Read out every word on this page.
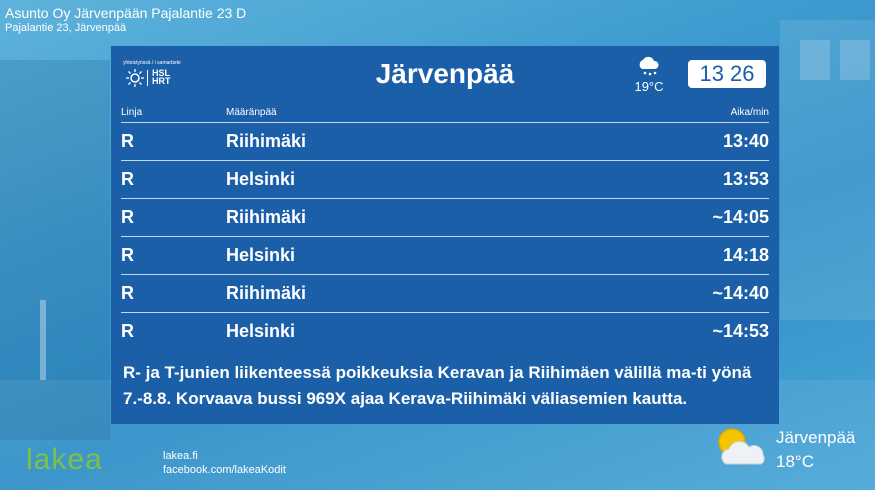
Asunto Oy Järvenpään Pajalantie 23 D
Pajalantie 23, Järvenpää
yhteistyössä / i samarbete
HSL
HRT	Järvenpää	19°C
13 26
Linja	Määränpää	Aika/min
R	Riihimäki	13:40
R	Helsinki	13:53
R	Riihimäki	~14:05
R	Helsinki	14:18
R	Riihimäki	~14:40
R	Helsinki	~14:53
R- ja T-junien liikenteessä poikkeuksia Keravan ja Riihimäen välillä ma-ti yönä 7.-8.8. Korvaava bussi 969X ajaa Kerava-Riihimäki väliasemien kautta.
lakea	lakea.fi
facebook.com/lakeaKodit
Järvenpää
18°C
